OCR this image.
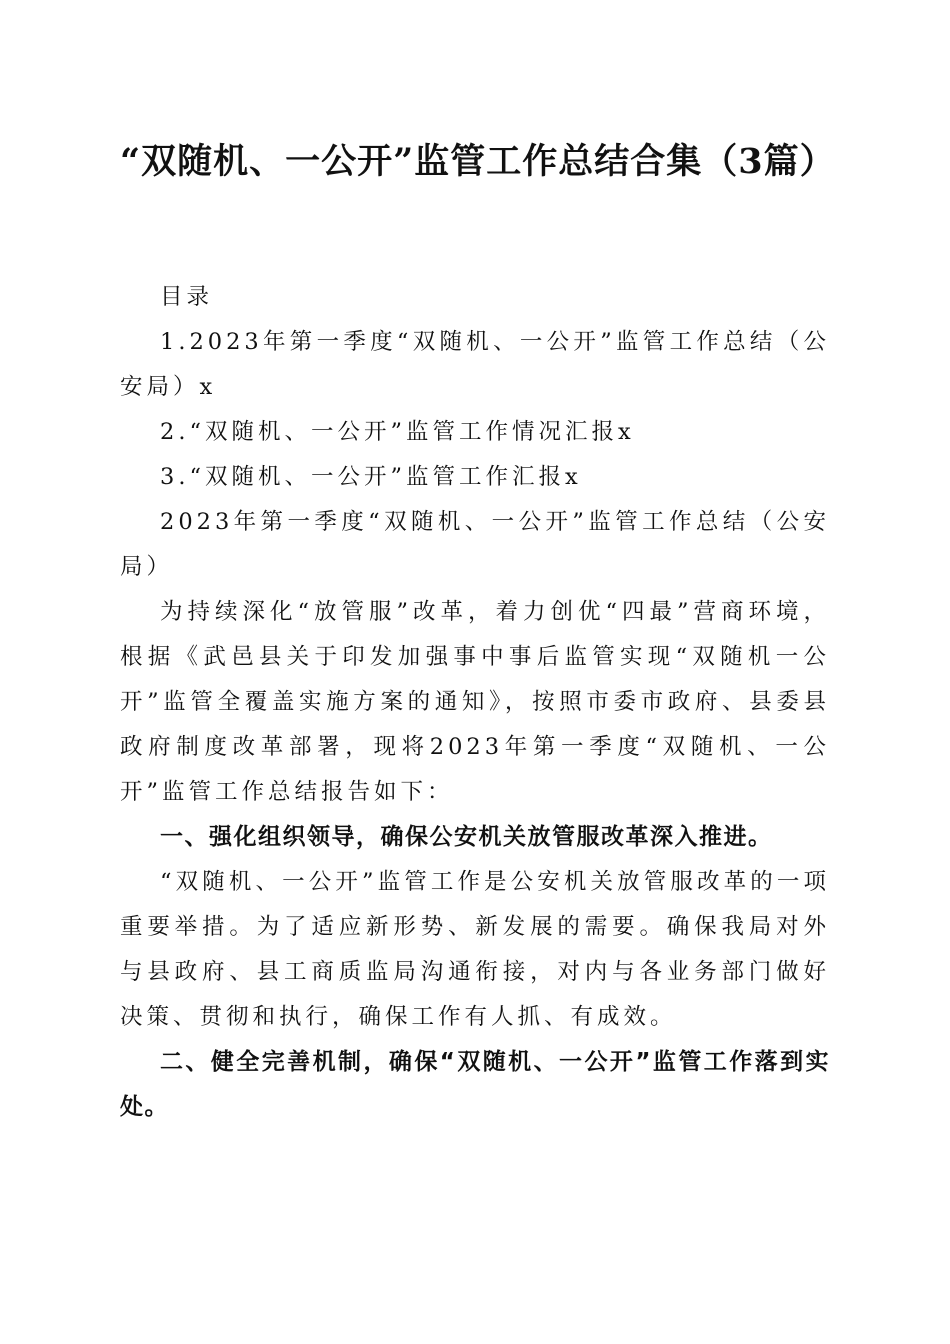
“双随机、一公开”监管工作总结合集（3篇）

目录

1.2023年第一季度“双随机、一公开”监管工作总结（公安局）x

2.“双随机、一公开”监管工作情况汇报x

3.“双随机、一公开”监管工作汇报x

2023年第一季度“双随机、一公开”监管工作总结（公安局）

为持续深化“放管服”改革，着力创优“四最”营商环境，根据《武邑县关于印发加强事中事后监管实现“双随机一公开”监管全覆盖实施方案的通知》，按照市委市政府、县委县政府制度改革部署，现将2023年第一季度“双随机、一公开”监管工作总结报告如下：

一、强化组织领导，确保公安机关放管服改革深入推进。

“双随机、一公开”监管工作是公安机关放管服改革的一项重要举措。为了适应新形势、新发展的需要。确保我局对外与县政府、县工商质监局沟通衔接，对内与各业务部门做好决策、贯彻和执行，确保工作有人抓、有成效。

二、健全完善机制，确保“双随机、一公开”监管工作落到实处。
